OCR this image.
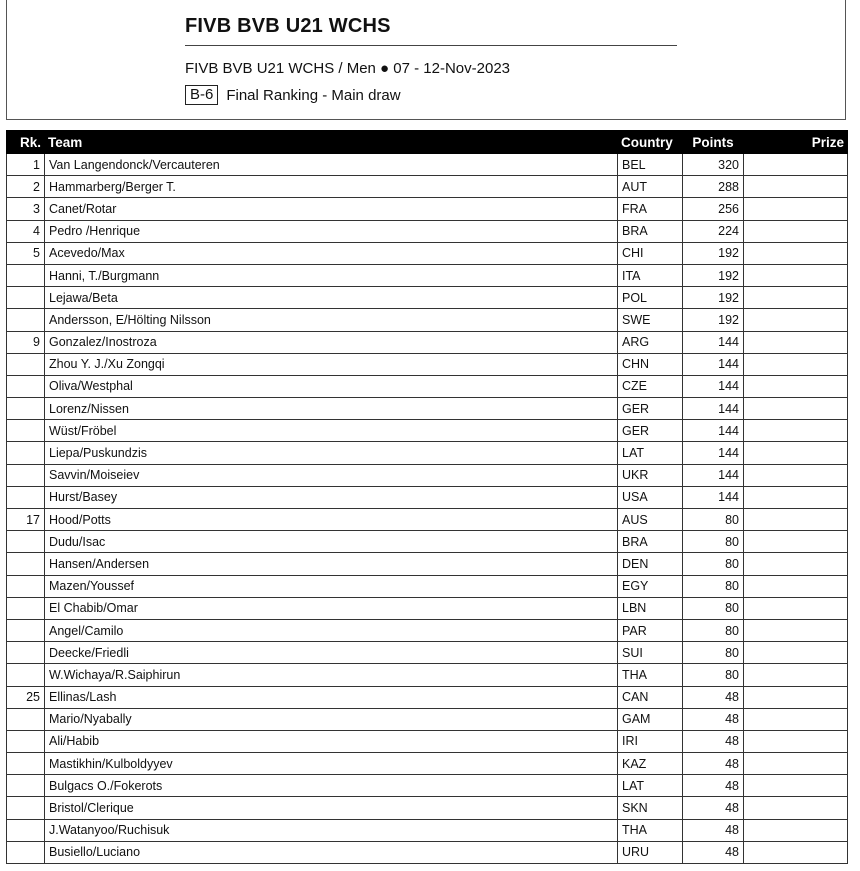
FIVB BVB U21 WCHS
FIVB BVB U21 WCHS / Men ● 07 - 12-Nov-2023
B-6 Final Ranking - Main draw
Rk.	Team	Country	Points	Prize
1	Van Langendonck/Vercauteren	BEL	320	
2	Hammarberg/Berger T.	AUT	288	
3	Canet/Rotar	FRA	256	
4	Pedro /Henrique	BRA	224	
5	Acevedo/Max	CHI	192	
	Hanni, T./Burgmann	ITA	192	
	Lejawa/Beta	POL	192	
	Andersson, E/Hölting Nilsson	SWE	192	
9	Gonzalez/Inostroza	ARG	144	
	Zhou Y. J./Xu Zongqi	CHN	144	
	Oliva/Westphal	CZE	144	
	Lorenz/Nissen	GER	144	
	Wüst/Fröbel	GER	144	
	Liepa/Puskundzis	LAT	144	
	Savvin/Moiseiev	UKR	144	
	Hurst/Basey	USA	144	
17	Hood/Potts	AUS	80	
	Dudu/Isac	BRA	80	
	Hansen/Andersen	DEN	80	
	Mazen/Youssef	EGY	80	
	El Chabib/Omar	LBN	80	
	Angel/Camilo	PAR	80	
	Deecke/Friedli	SUI	80	
	W.Wichaya/R.Saiphirun	THA	80	
25	Ellinas/Lash	CAN	48	
	Mario/Nyabally	GAM	48	
	Ali/Habib	IRI	48	
	Mastikhin/Kulboldyyev	KAZ	48	
	Bulgacs O./Fokerots	LAT	48	
	Bristol/Clerique	SKN	48	
	J.Watanyoo/Ruchisuk	THA	48	
	Busiello/Luciano	URU	48	
